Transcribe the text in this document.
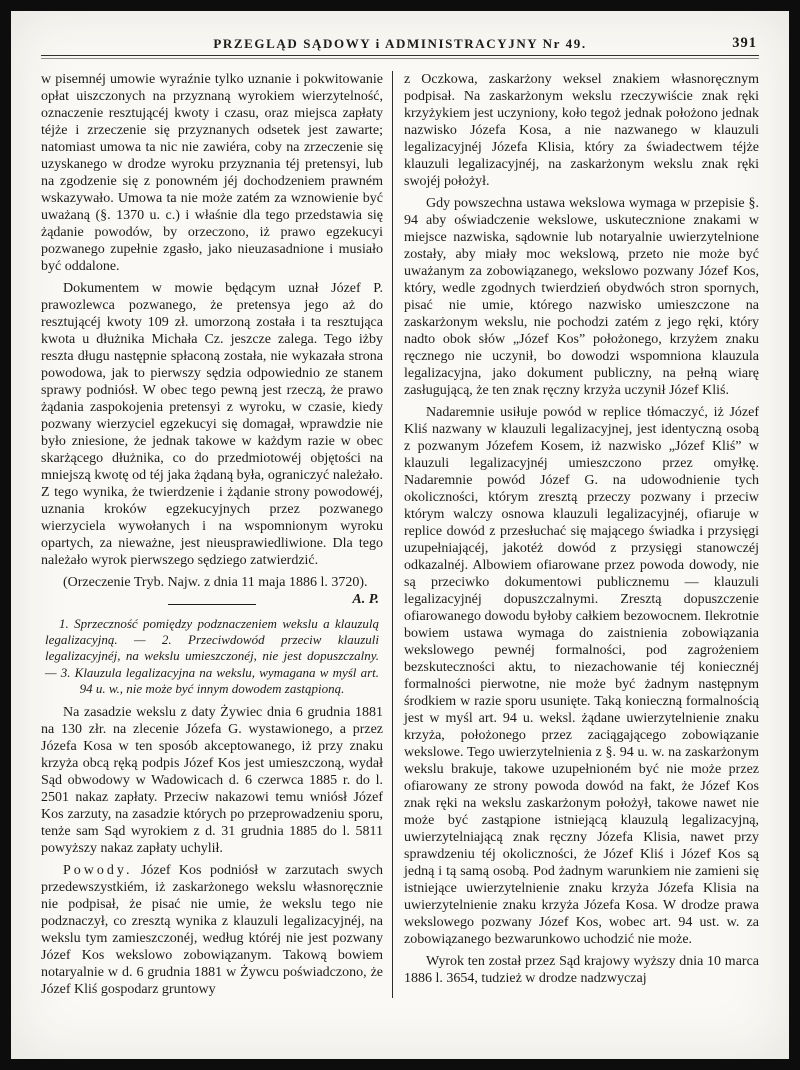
PRZEGLĄD SĄDOWY i ADMINISTRACYJNY Nr 49.	391

w pisemnéj umowie wyraźnie tylko uznanie i pokwitowanie opłat uiszczonych na przyznaną wyrokiem wierzytelność, oznaczenie resztującéj kwoty i czasu, oraz miejsca zapłaty téjże i zrzeczenie się przyznanych odsetek jest zawarte; natomiast umowa ta nic nie zawiéra, coby na zrzeczenie się uzyskanego w drodze wyroku przyznania téj pretensyi, lub na zgodzenie się z ponowném jéj dochodzeniem prawném wskazywało. Umowa ta nie może zatém za wznowienie być uważaną (§. 1370 u. c.) i właśnie dla tego przedstawia się żądanie powodów, by orzeczono, iż prawo egzekucyi pozwanego zupełnie zgasło, jako nieuzasadnione i musiało być oddalone.

Dokumentem w mowie będącym uznał Józef P. prawozlewca pozwanego, że pretensya jego aż do resztującéj kwoty 109 zł. umorzoną została i ta resztująca kwota u dłużnika Michała Cz. jeszcze zalega. Tego iżby reszta długu następnie spłaconą została, nie wykazała strona powodowa, jak to pierwszy sędzia odpowiednio ze stanem sprawy podniósł. W obec tego pewną jest rzeczą, że prawo żądania zaspokojenia pretensyi z wyroku, w czasie, kiedy pozwany wierzyciel egzekucyi się domagał, wprawdzie nie było zniesione, że jednak takowe w każdym razie w obec skarżącego dłużnika, co do przedmiotowéj objętości na mniejszą kwotę od téj jaka żądaną była, ograniczyć należało. Z tego wynika, że twierdzenie i żądanie strony powodowéj, uznania kroków egzekucyjnych przez pozwanego wierzyciela wywołanych i na wspomnionym wyroku opartych, za nieważne, jest nieusprawiedliwione. Dla tego należało wyrok pierwszego sędziego zatwierdzić.

(Orzeczenie Tryb. Najw. z dnia 11 maja 1886 l. 3720).
A. P.

1. Sprzeczność pomiędzy podznaczeniem wekslu a klauzulą legalizacyjną. — 2. Przeciwdowód przeciw klauzuli legalizacyjnéj, na wekslu umieszczonéj, nie jest dopuszczalny. — 3. Klauzula legalizacyjna na wekslu, wymagana w myśl art. 94 u. w., nie może być innym dowodem zastąpioną.

Na zasadzie wekslu z daty Żywiec dnia 6 grudnia 1881 na 130 złr. na zlecenie Józefa G. wystawionego, a przez Józefa Kosa w ten sposób akceptowanego, iż przy znaku krzyża obcą ręką podpis Józef Kos jest umieszczoną, wydał Sąd obwodowy w Wadowicach d. 6 czerwca 1885 r. do l. 2501 nakaz zapłaty. Przeciw nakazowi temu wniósł Józef Kos zarzuty, na zasadzie których po przeprowadzeniu sporu, tenże sam Sąd wyrokiem z d. 31 grudnia 1885 do l. 5811 powyższy nakaz zapłaty uchylił.

Powody. Józef Kos podniósł w zarzutach swych przedewszystkiém, iż zaskarżonego wekslu własnoręcznie nie podpisał, że pisać nie umie, że wekslu tego nie podznaczył, co zresztą wynika z klauzuli legalizacyjnéj, na wekslu tym zamieszczonéj, według któréj nie jest pozwany Józef Kos wekslowo zobowiązanym. Takową bowiem notaryalnie w d. 6 grudnia 1881 w Żywcu poświadczono, że Józef Kliś gospodarz gruntowy

z Oczkowa, zaskarżony weksel znakiem własnoręcznym podpisał. Na zaskarżonym wekslu rzeczywiście znak ręki krzyżykiem jest uczyniony, koło tegoż jednak położono jednak nazwisko Józefa Kosa, a nie nazwanego w klauzuli legalizacyjnéj Józefa Klisia, który za świadectwem téjże klauzuli legalizacyjnéj, na zaskarżonym wekslu znak ręki swojéj położył.

Gdy powszechna ustawa wekslowa wymaga w przepisie §. 94 aby oświadczenie wekslowe, uskutecznione znakami w miejsce nazwiska, sądownie lub notaryalnie uwierzytelnione zostały, aby miały moc wekslową, przeto nie może być uważanym za zobowiązanego, wekslowo pozwany Józef Kos, który, wedle zgodnych twierdzień obydwóch stron spornych, pisać nie umie, którego nazwisko umieszczone na zaskarżonym wekslu, nie pochodzi zatém z jego ręki, który nadto obok słów „Józef Kos” położonego, krzyżem znaku ręcznego nie uczynił, bo dowodzi wspomniona klauzula legalizacyjna, jako dokument publiczny, na pełną wiarę zasługującą, że ten znak ręczny krzyża uczynił Józef Kliś.

Nadaremnie usiłuje powód w replice tłómaczyć, iż Józef Kliś nazwany w klauzuli legalizacyjnej, jest identyczną osobą z pozwanym Józefem Kosem, iż nazwisko „Józef Kliś” w klauzuli legalizacyjnéj umieszczono przez omyłkę. Nadaremnie powód Józef G. na udowodnienie tych okoliczności, którym zresztą przeczy pozwany i przeciw którym walczy osnowa klauzuli legalizacyjnéj, ofiaruje w replice dowód z przesłuchać się mającego świadka i przysięgi uzupełniającéj, jakotéż dowód z przysięgi stanowczéj odkazalnéj. Albowiem ofiarowane przez powoda dowody, nie są przeciwko dokumentowi publicznemu — klauzuli legalizacyjnéj dopuszczalnymi. Zresztą dopuszczenie ofiarowanego dowodu byłoby całkiem bezowocnem. Ilekrotnie bowiem ustawa wymaga do zaistnienia zobowiązania wekslowego pewnéj formalności, pod zagrożeniem bezskuteczności aktu, to niezachowanie téj koniecznéj formalności pierwotne, nie może być żadnym następnym środkiem w razie sporu usunięte. Taką konieczną formalnością jest w myśl art. 94 u. weksl. żądane uwierzytelnienie znaku krzyża, położonego przez zaciągającego zobowiązanie wekslowe. Tego uwierzytelnienia z §. 94 u. w. na zaskarżonym wekslu brakuje, takowe uzupełnioném być nie może przez ofiarowany ze strony powoda dowód na fakt, że Józef Kos znak ręki na wekslu zaskarżonym położył, takowe nawet nie może być zastąpione istniejącą klauzulą legalizacyjną, uwierzytelniającą znak ręczny Józefa Klisia, nawet przy sprawdzeniu téj okoliczności, że Józef Kliś i Józef Kos są jedną i tą samą osobą. Pod żadnym warunkiem nie zamieni się istniejące uwierzytelnienie znaku krzyża Józefa Klisia na uwierzytelnienie znaku krzyża Józefa Kosa. W drodze prawa wekslowego pozwany Józef Kos, wobec art. 94 ust. w. za zobowiązanego bezwarunkowo uchodzić nie może.

Wyrok ten został przez Sąd krajowy wyższy dnia 10 marca 1886 l. 3654, tudzież w drodze nadzwyczaj
